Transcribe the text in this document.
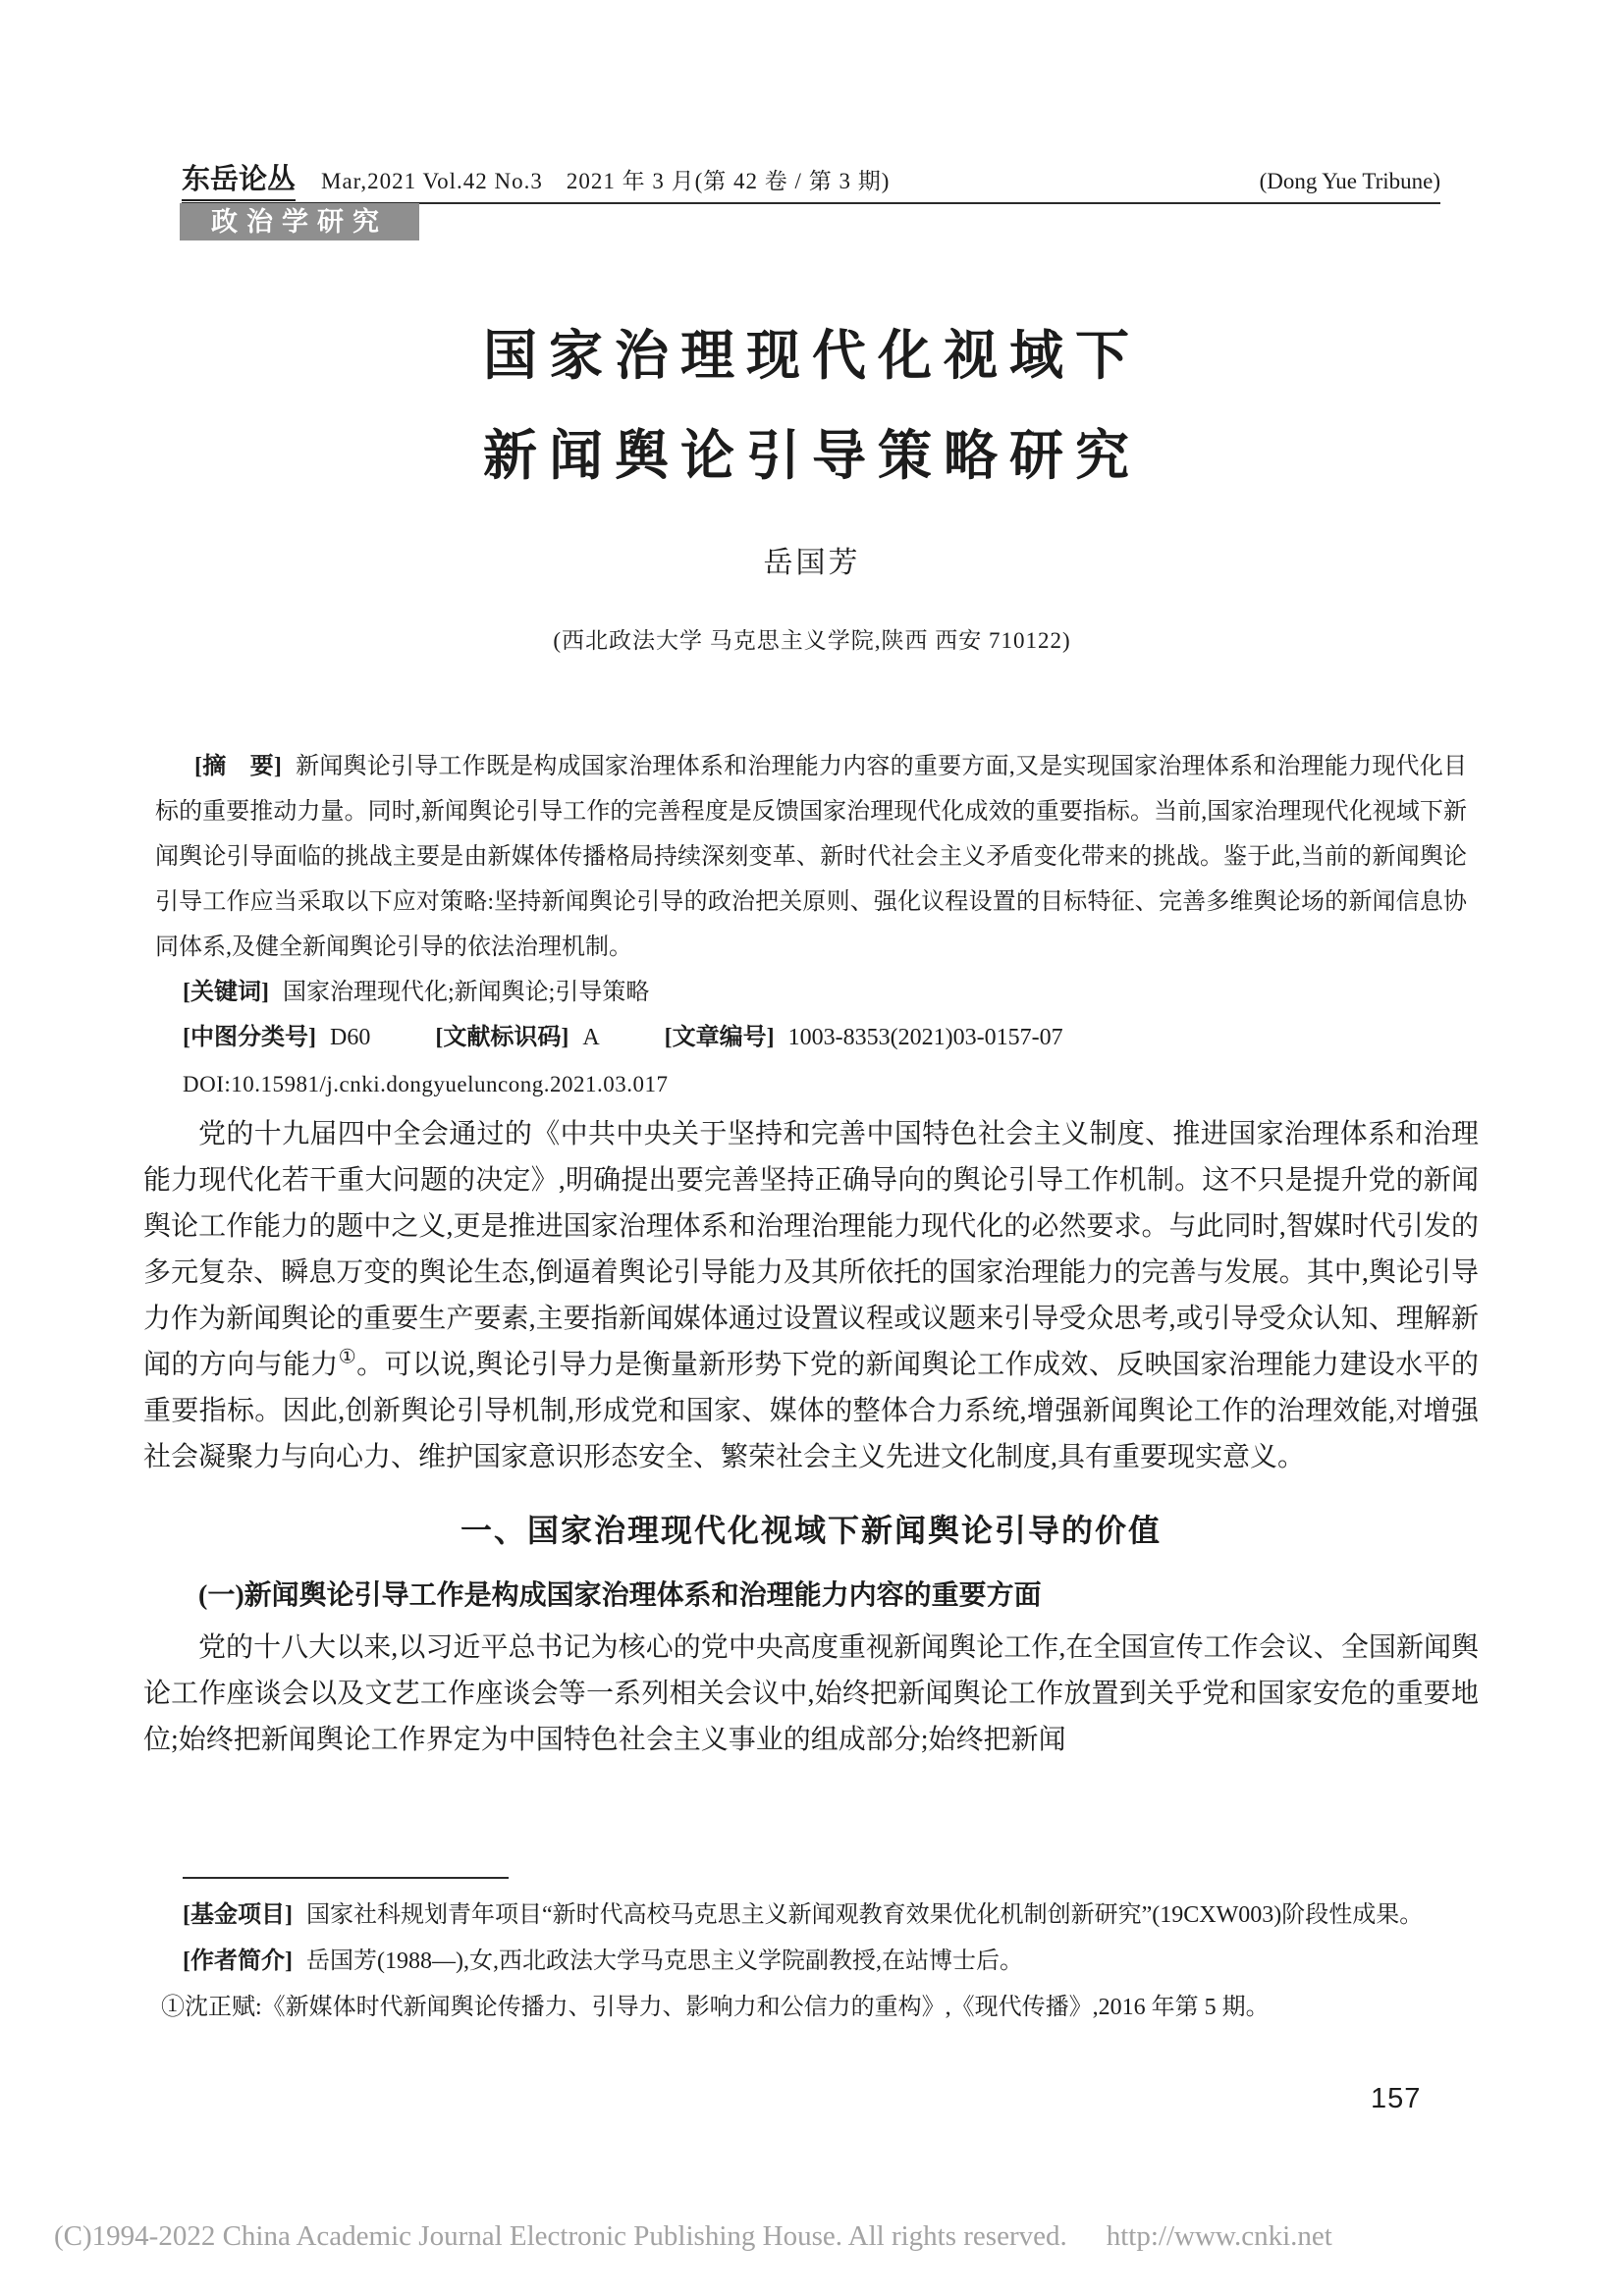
东岳论丛 Mar,2021 Vol.42 No.3　2021 年 3 月(第 42 卷 / 第 3 期)	(Dong Yue Tribune)
政治学研究
国家治理现代化视域下
新闻舆论引导策略研究
岳国芳
(西北政法大学 马克思主义学院,陕西 西安 710122)

[摘　要] 新闻舆论引导工作既是构成国家治理体系和治理能力内容的重要方面,又是实现国家治理体系和治理能力现代化目标的重要推动力量。同时,新闻舆论引导工作的完善程度是反馈国家治理现代化成效的重要指标。当前,国家治理现代化视域下新闻舆论引导面临的挑战主要是由新媒体传播格局持续深刻变革、新时代社会主义矛盾变化带来的挑战。鉴于此,当前的新闻舆论引导工作应当采取以下应对策略:坚持新闻舆论引导的政治把关原则、强化议程设置的目标特征、完善多维舆论场的新闻信息协同体系,及健全新闻舆论引导的依法治理机制。

[关键词] 国家治理现代化;新闻舆论;引导策略

[中图分类号] D60	[文献标识码] A	[文章编号] 1003-8353(2021)03-0157-07

DOI:10.15981/j.cnki.dongyueluncong.2021.03.017

党的十九届四中全会通过的《中共中央关于坚持和完善中国特色社会主义制度、推进国家治理体系和治理能力现代化若干重大问题的决定》,明确提出要完善坚持正确导向的舆论引导工作机制。这不只是提升党的新闻舆论工作能力的题中之义,更是推进国家治理体系和治理治理能力现代化的必然要求。与此同时,智媒时代引发的多元复杂、瞬息万变的舆论生态,倒逼着舆论引导能力及其所依托的国家治理能力的完善与发展。其中,舆论引导力作为新闻舆论的重要生产要素,主要指新闻媒体通过设置议程或议题来引导受众思考,或引导受众认知、理解新闻的方向与能力①。可以说,舆论引导力是衡量新形势下党的新闻舆论工作成效、反映国家治理能力建设水平的重要指标。因此,创新舆论引导机制,形成党和国家、媒体的整体合力系统,增强新闻舆论工作的治理效能,对增强社会凝聚力与向心力、维护国家意识形态安全、繁荣社会主义先进文化制度,具有重要现实意义。

一、国家治理现代化视域下新闻舆论引导的价值
(一)新闻舆论引导工作是构成国家治理体系和治理能力内容的重要方面

党的十八大以来,以习近平总书记为核心的党中央高度重视新闻舆论工作,在全国宣传工作会议、全国新闻舆论工作座谈会以及文艺工作座谈会等一系列相关会议中,始终把新闻舆论工作放置到关乎党和国家安危的重要地位;始终把新闻舆论工作界定为中国特色社会主义事业的组成部分;始终把新闻

[基金项目] 国家社科规划青年项目“新时代高校马克思主义新闻观教育效果优化机制创新研究”(19CXW003)阶段性成果。

[作者简介] 岳国芳(1988—),女,西北政法大学马克思主义学院副教授,在站博士后。

①沈正赋:《新媒体时代新闻舆论传播力、引导力、影响力和公信力的重构》,《现代传播》,2016 年第 5 期。

157
(C)1994-2022 China Academic Journal Electronic Publishing House. All rights reserved. http://www.cnki.net
